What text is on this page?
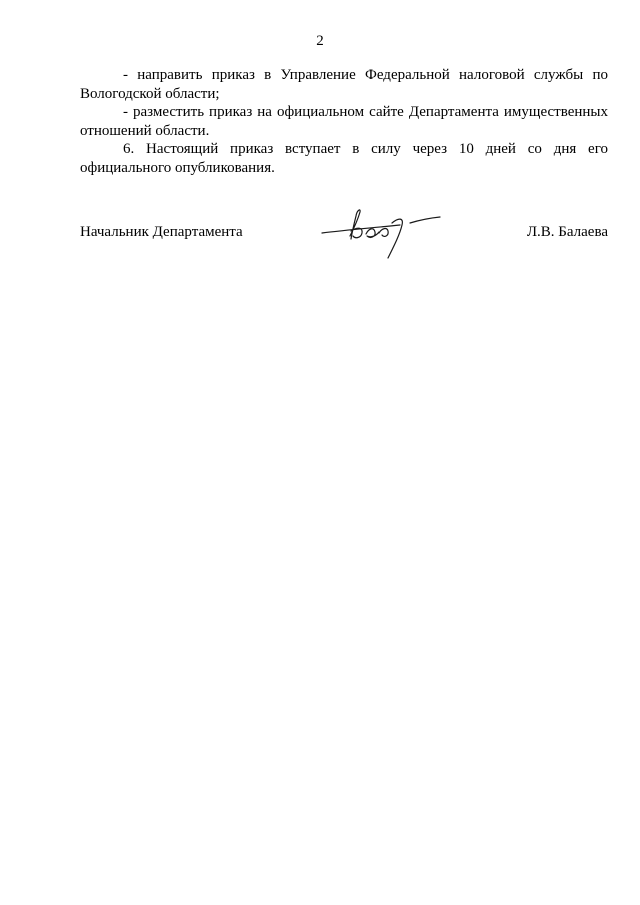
2

- направить приказ в Управление Федеральной налоговой службы по Вологодской области;

- разместить приказ на официальном сайте Департамента имущественных отношений области.

6. Настоящий приказ вступает в силу через 10 дней со дня его официального опубликования.

Начальник Департамента	Л.В. Балаева
